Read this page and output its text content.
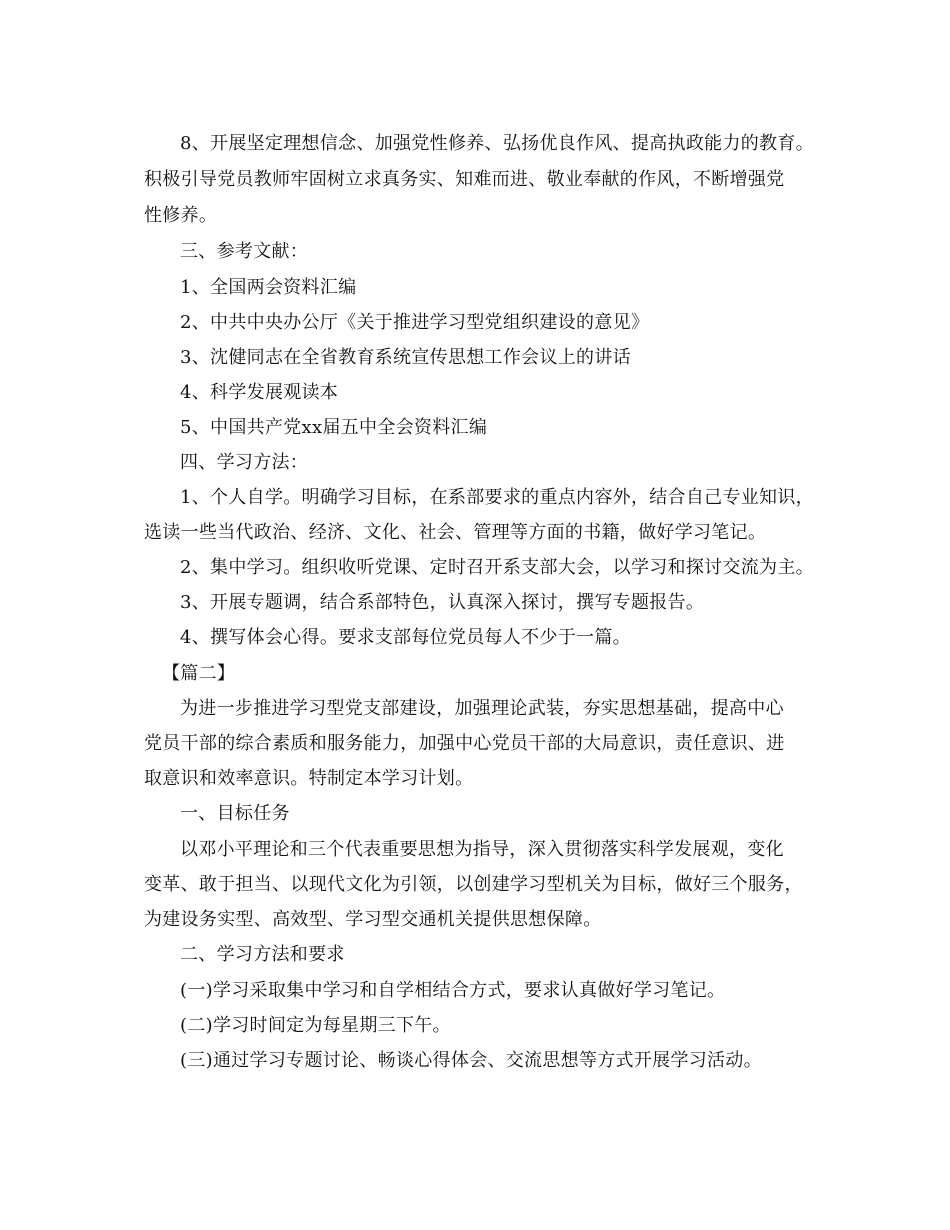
8、开展坚定理想信念、加强党性修养、弘扬优良作风、提高执政能力的教育。
积极引导党员教师牢固树立求真务实、知难而进、敬业奉献的作风，不断增强党
性修养。
三、参考文献：
1、全国两会资料汇编
2、中共中央办公厅《关于推进学习型党组织建设的意见》
3、沈健同志在全省教育系统宣传思想工作会议上的讲话
4、科学发展观读本
5、中国共产党xx届五中全会资料汇编
四、学习方法：
1、个人自学。明确学习目标，在系部要求的重点内容外，结合自己专业知识，
选读一些当代政治、经济、文化、社会、管理等方面的书籍，做好学习笔记。
2、集中学习。组织收听党课、定时召开系支部大会，以学习和探讨交流为主。
3、开展专题调，结合系部特色，认真深入探讨，撰写专题报告。
4、撰写体会心得。要求支部每位党员每人不少于一篇。
【篇二】
为进一步推进学习型党支部建设，加强理论武装，夯实思想基础，提高中心
党员干部的综合素质和服务能力，加强中心党员干部的大局意识，责任意识、进
取意识和效率意识。特制定本学习计划。
一、目标任务
以邓小平理论和三个代表重要思想为指导，深入贯彻落实科学发展观，变化
变革、敢于担当、以现代文化为引领，以创建学习型机关为目标，做好三个服务，
为建设务实型、高效型、学习型交通机关提供思想保障。
二、学习方法和要求
(一)学习采取集中学习和自学相结合方式，要求认真做好学习笔记。
(二)学习时间定为每星期三下午。
(三)通过学习专题讨论、畅谈心得体会、交流思想等方式开展学习活动。
